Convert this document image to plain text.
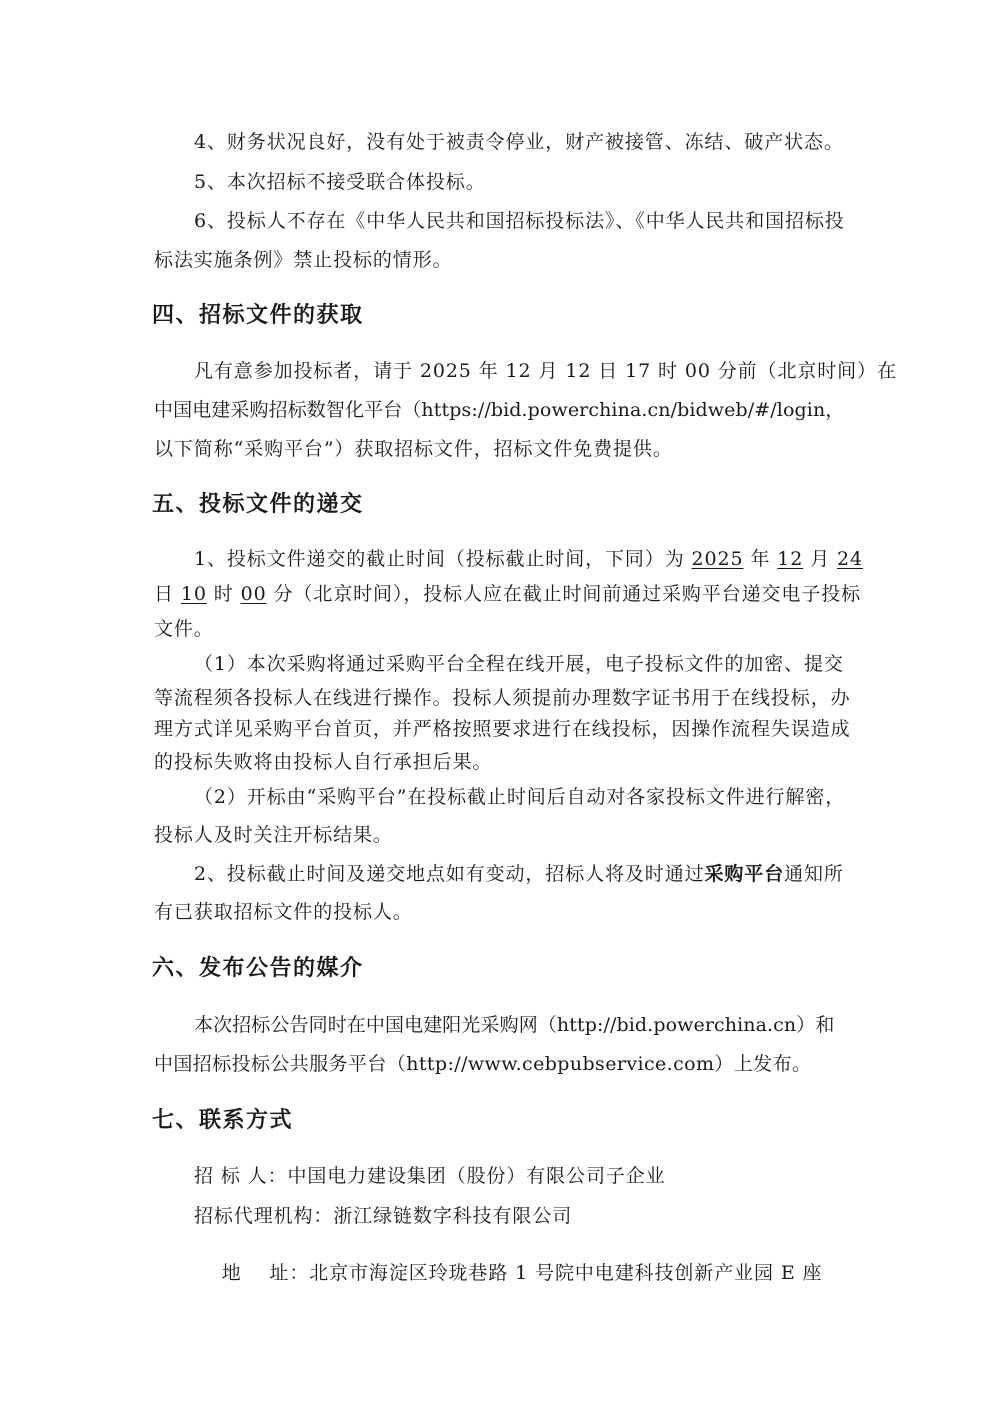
4、财务状况良好，没有处于被责令停业，财产被接管、冻结、破产状态。
5、本次招标不接受联合体投标。
6、投标人不存在《中华人民共和国招标投标法》、《中华人民共和国招标投
标法实施条例》禁止投标的情形。
四、招标文件的获取
凡有意参加投标者，请于 2025 年 12 月 12 日 17 时 00 分前（北京时间）在
中国电建采购招标数智化平台（https://bid.powerchina.cn/bidweb/#/login，
以下简称“采购平台”）获取招标文件，招标文件免费提供。
五、投标文件的递交
1、投标文件递交的截止时间（投标截止时间，下同）为 2025 年 12 月 24
日 10 时 00 分（北京时间），投标人应在截止时间前通过采购平台递交电子投标
文件。
（1）本次采购将通过采购平台全程在线开展，电子投标文件的加密、提交
等流程须各投标人在线进行操作。投标人须提前办理数字证书用于在线投标，办
理方式详见采购平台首页，并严格按照要求进行在线投标，因操作流程失误造成
的投标失败将由投标人自行承担后果。
（2）开标由“采购平台”在投标截止时间后自动对各家投标文件进行解密，
投标人及时关注开标结果。
2、投标截止时间及递交地点如有变动，招标人将及时通过采购平台通知所
有已获取招标文件的投标人。
六、发布公告的媒介
本次招标公告同时在中国电建阳光采购网（http://bid.powerchina.cn）和
中国招标投标公共服务平台（http://www.cebpubservice.com）上发布。
七、联系方式
招 标 人：中国电力建设集团（股份）有限公司子企业
招标代理机构：浙江绿链数字科技有限公司

地    址：北京市海淀区玲珑巷路 1 号院中电建科技创新产业园 E 座
